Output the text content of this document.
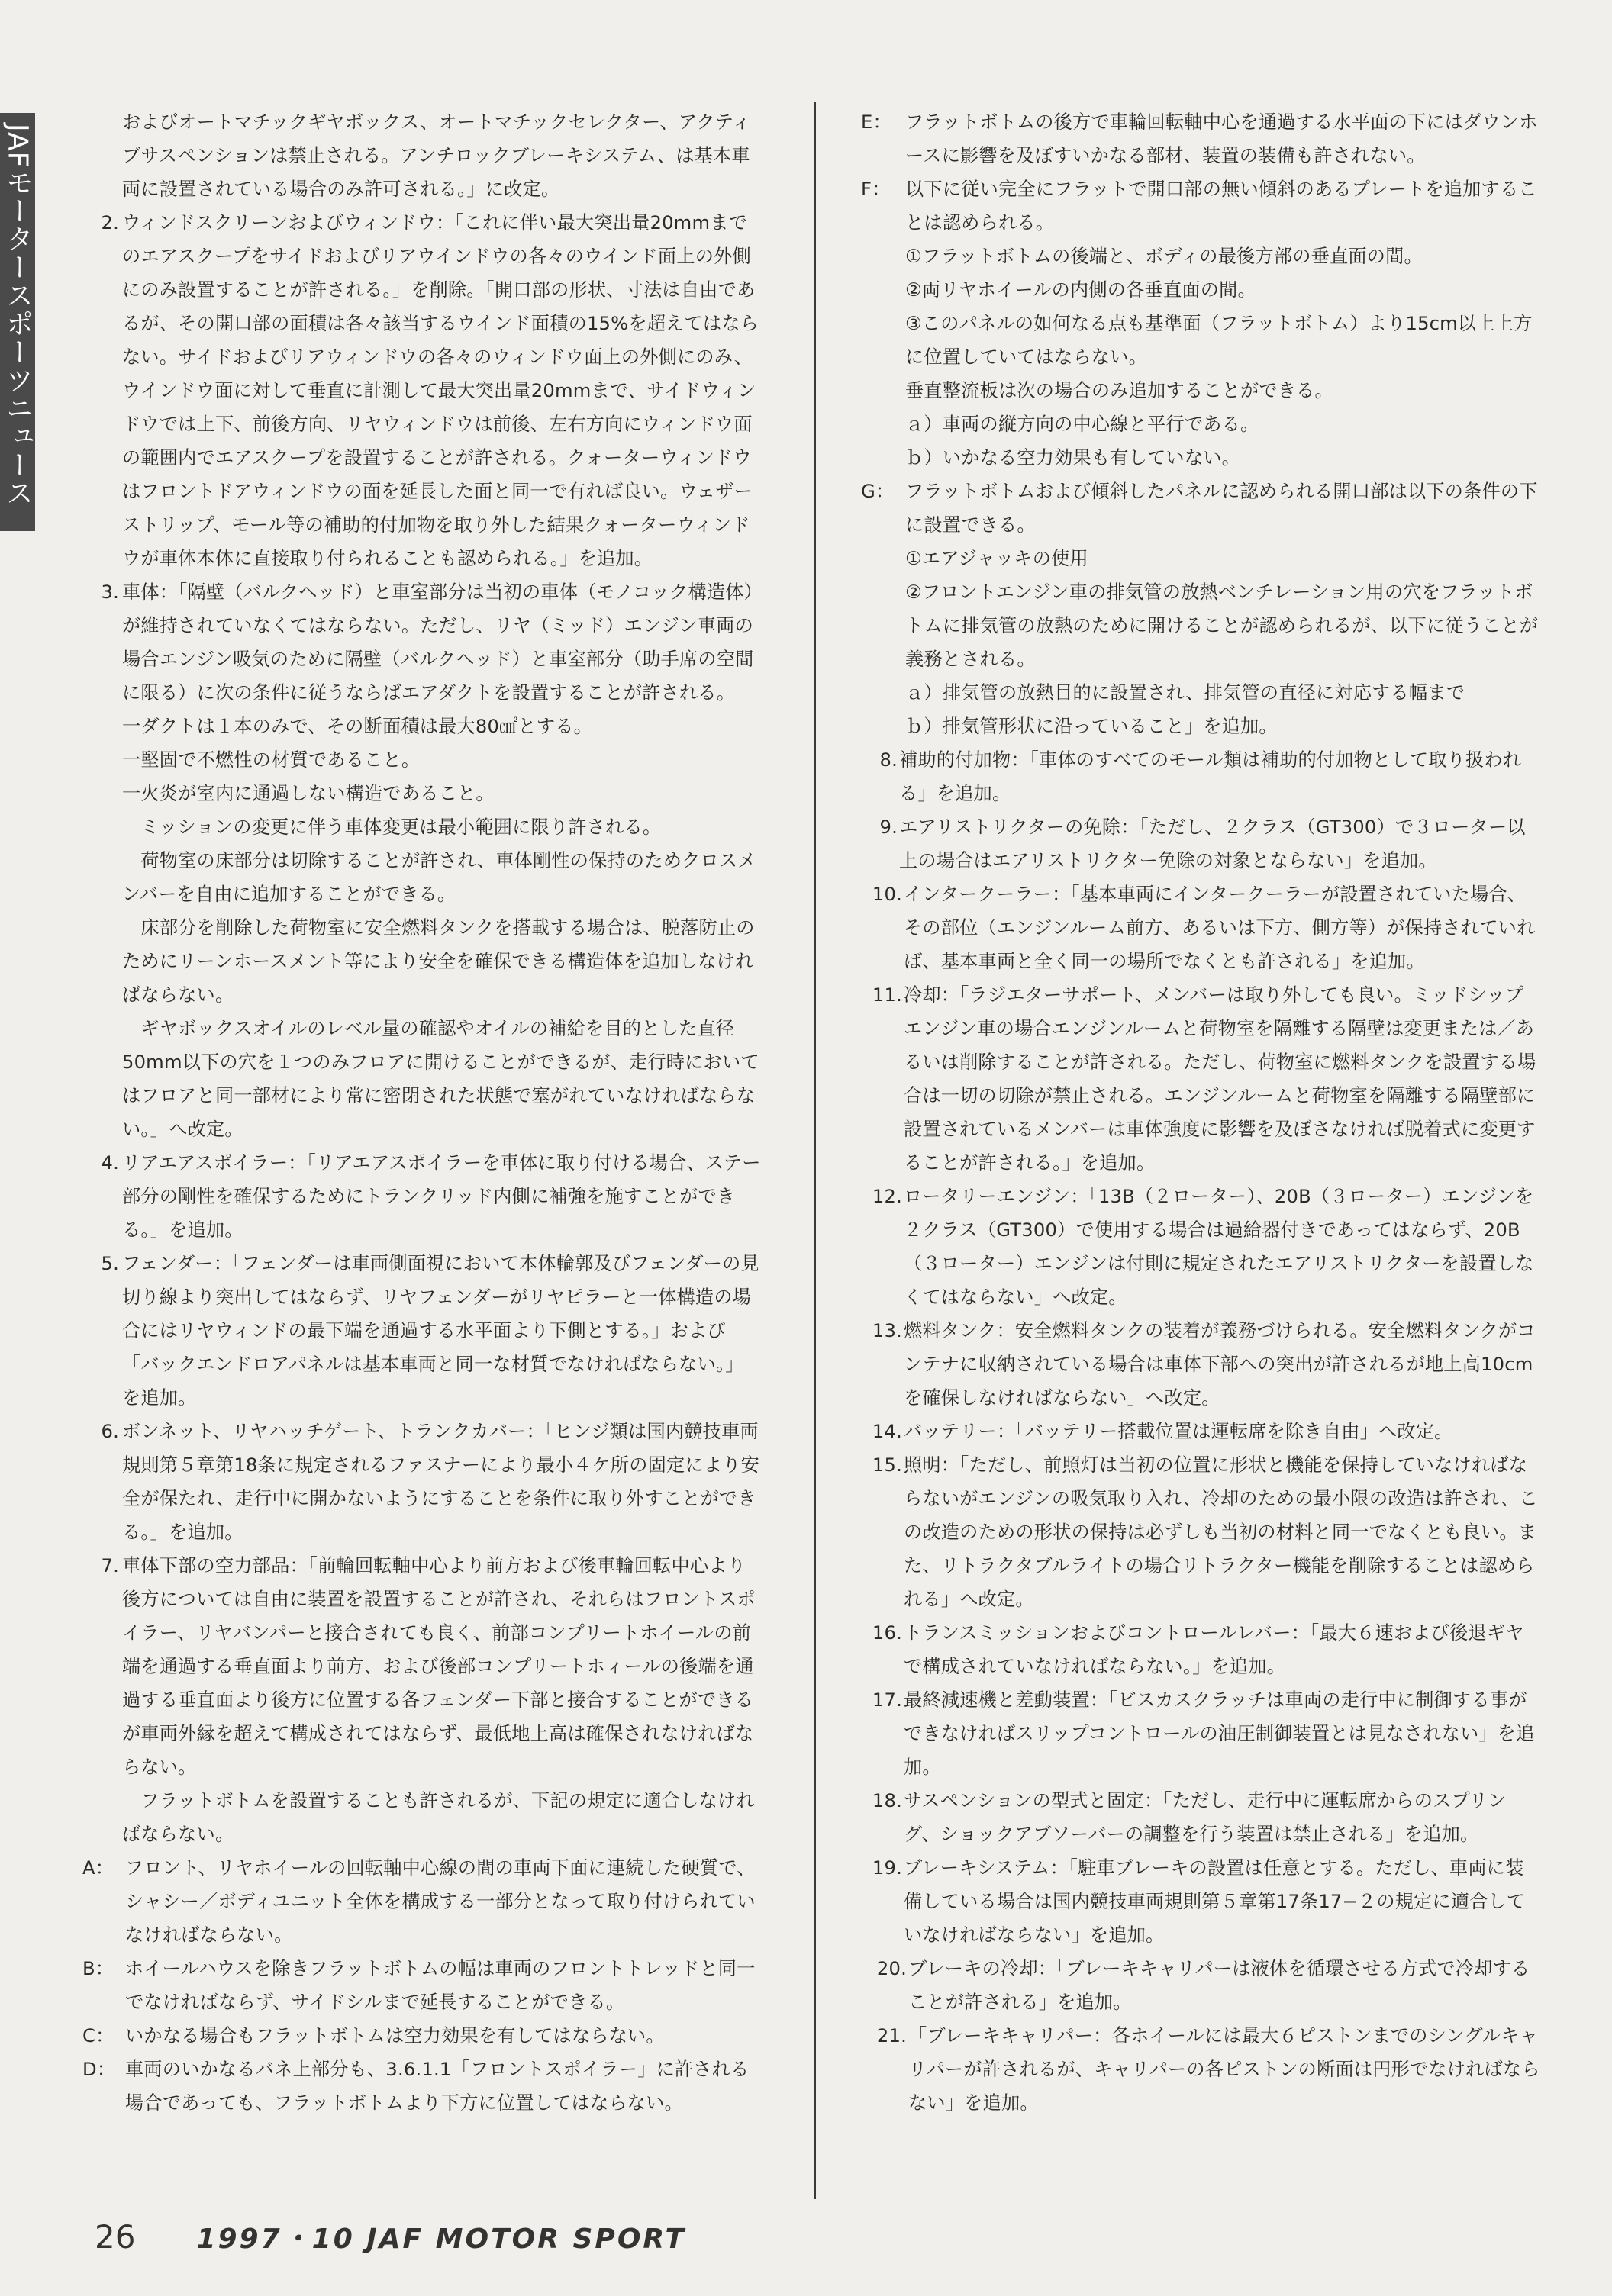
JAFモータースポーツニュース
およびオートマチックギヤボックス、オートマチックセレクター、アクティブサスペンションは禁止される。アンチロックブレーキシステム、は基本車両に設置されている場合のみ許可される。」に改定。
2. ウィンドスクリーンおよびウィンドウ：「これに伴い最大突出量20mmまでのエアスクープをサイドおよびリアウインドウの各々のウインド面上の外側にのみ設置することが許される。」を削除。「開口部の形状、寸法は自由であるが、その開口部の面積は各々該当するウインド面積の15%を超えてはならない。サイドおよびリアウィンドウの各々のウィンドウ面上の外側にのみ、ウインドウ面に対して垂直に計測して最大突出量20mmまで、サイドウィンドウでは上下、前後方向、リヤウィンドウは前後、左右方向にウィンドウ面の範囲内でエアスクープを設置することが許される。クォーターウィンドウはフロントドアウィンドウの面を延長した面と同一で有れば良い。ウェザーストリップ、モール等の補助的付加物を取り外した結果クォーターウィンドウが車体本体に直接取り付られることも認められる。」を追加。
3. 車体：「隔壁（バルクヘッド）と車室部分は当初の車体（モノコック構造体）が維持されていなくてはならない。ただし、リヤ（ミッド）エンジン車両の場合エンジン吸気のために隔壁（バルクヘッド）と車室部分（助手席の空間に限る）に次の条件に従うならばエアダクトを設置することが許される。
一ダクトは１本のみで、その断面積は最大80㎠とする。
一堅固で不燃性の材質であること。
一火炎が室内に通過しない構造であること。
　ミッションの変更に伴う車体変更は最小範囲に限り許される。
　荷物室の床部分は切除することが許され、車体剛性の保持のためクロスメンバーを自由に追加することができる。
　床部分を削除した荷物室に安全燃料タンクを搭載する場合は、脱落防止のためにリーンホースメント等により安全を確保できる構造体を追加しなければならない。
　ギヤボックスオイルのレベル量の確認やオイルの補給を目的とした直径50mm以下の穴を１つのみフロアに開けることができるが、走行時においてはフロアと同一部材により常に密閉された状態で塞がれていなければならない。」へ改定。
4. リアエアスポイラー：「リアエアスポイラーを車体に取り付ける場合、ステー部分の剛性を確保するためにトランクリッド内側に補強を施すことができる。」を追加。
5. フェンダー：「フェンダーは車両側面視において本体輪郭及びフェンダーの見切り線より突出してはならず、リヤフェンダーがリヤピラーと一体構造の場合にはリヤウィンドの最下端を通過する水平面より下側とする。」および「バックエンドロアパネルは基本車両と同一な材質でなければならない。」を追加。
6. ボンネット、リヤハッチゲート、トランクカバー：「ヒンジ類は国内競技車両規則第５章第18条に規定されるファスナーにより最小４ケ所の固定により安全が保たれ、走行中に開かないようにすることを条件に取り外すことができる。」を追加。
7. 車体下部の空力部品：「前輪回転軸中心より前方および後車輪回転中心より後方については自由に装置を設置することが許され、それらはフロントスポイラー、リヤバンパーと接合されても良く、前部コンプリートホイールの前端を通過する垂直面より前方、および後部コンプリートホィールの後端を通過する垂直面より後方に位置する各フェンダー下部と接合することができるが車両外縁を超えて構成されてはならず、最低地上高は確保されなければならない。
　フラットボトムを設置することも許されるが、下記の規定に適合しなければならない。
A： フロント、リヤホイールの回転軸中心線の間の車両下面に連続した硬質で、シャシー／ボディユニット全体を構成する一部分となって取り付けられていなければならない。
B： ホイールハウスを除きフラットボトムの幅は車両のフロントトレッドと同一でなければならず、サイドシルまで延長することができる。
C： いかなる場合もフラットボトムは空力効果を有してはならない。
D： 車両のいかなるバネ上部分も、3.6.1.1「フロントスポイラー」に許される場合であっても、フラットボトムより下方に位置してはならない。
E： フラットボトムの後方で車輪回転軸中心を通過する水平面の下にはダウンホースに影響を及ぼすいかなる部材、装置の装備も許されない。
F： 以下に従い完全にフラットで開口部の無い傾斜のあるプレートを追加することは認められる。
①フラットボトムの後端と、ボディの最後方部の垂直面の間。
②両リヤホイールの内側の各垂直面の間。
③このパネルの如何なる点も基準面（フラットボトム）より15cm以上上方に位置していてはならない。
垂直整流板は次の場合のみ追加することができる。
ａ）車両の縦方向の中心線と平行である。
ｂ）いかなる空力効果も有していない。
G： フラットボトムおよび傾斜したパネルに認められる開口部は以下の条件の下に設置できる。
①エアジャッキの使用
②フロントエンジン車の排気管の放熱ベンチレーション用の穴をフラットボトムに排気管の放熱のために開けることが認められるが、以下に従うことが義務とされる。
ａ）排気管の放熱目的に設置され、排気管の直径に対応する幅まで
ｂ）排気管形状に沿っていること」を追加。
8. 補助的付加物：「車体のすべてのモール類は補助的付加物として取り扱われる」を追加。
9. エアリストリクターの免除：「ただし、２クラス（GT300）で３ローター以上の場合はエアリストリクター免除の対象とならない」を追加。
10. インタークーラー：「基本車両にインタークーラーが設置されていた場合、その部位（エンジンルーム前方、あるいは下方、側方等）が保持されていれば、基本車両と全く同一の場所でなくとも許される」を追加。
11. 冷却：「ラジエターサポート、メンバーは取り外しても良い。ミッドシップエンジン車の場合エンジンルームと荷物室を隔離する隔壁は変更または／あるいは削除することが許される。ただし、荷物室に燃料タンクを設置する場合は一切の切除が禁止される。エンジンルームと荷物室を隔離する隔壁部に設置されているメンバーは車体強度に影響を及ぼさなければ脱着式に変更することが許される。」を追加。
12. ロータリーエンジン：「13B（２ローター）、20B（３ローター）エンジンを２クラス（GT300）で使用する場合は過給器付きであってはならず、20B（３ローター）エンジンは付則に規定されたエアリストリクターを設置しなくてはならない」へ改定。
13. 燃料タンク：安全燃料タンクの装着が義務づけられる。安全燃料タンクがコンテナに収納されている場合は車体下部への突出が許されるが地上高10cmを確保しなければならない」へ改定。
14. バッテリー：「バッテリー搭載位置は運転席を除き自由」へ改定。
15. 照明：「ただし、前照灯は当初の位置に形状と機能を保持していなければならないがエンジンの吸気取り入れ、冷却のための最小限の改造は許され、この改造のための形状の保持は必ずしも当初の材料と同一でなくとも良い。また、リトラクタブルライトの場合リトラクター機能を削除することは認められる」へ改定。
16. トランスミッションおよびコントロールレバー：「最大６速および後退ギヤで構成されていなければならない。」を追加。
17. 最終減速機と差動装置：「ビスカスクラッチは車両の走行中に制御する事ができなければスリップコントロールの油圧制御装置とは見なされない」を追加。
18. サスペンションの型式と固定：「ただし、走行中に運転席からのスプリング、ショックアブソーバーの調整を行う装置は禁止される」を追加。
19. ブレーキシステム：「駐車ブレーキの設置は任意とする。ただし、車両に装備している場合は国内競技車両規則第５章第17条17−２の規定に適合していなければならない」を追加。
20. ブレーキの冷却：「ブレーキキャリパーは液体を循環させる方式で冷却することが許される」を追加。
21. 「ブレーキキャリパー：各ホイールには最大６ピストンまでのシングルキャリパーが許されるが、キャリパーの各ピストンの断面は円形でなければならない」を追加。
26 1997・10 JAF MOTOR SPORT
